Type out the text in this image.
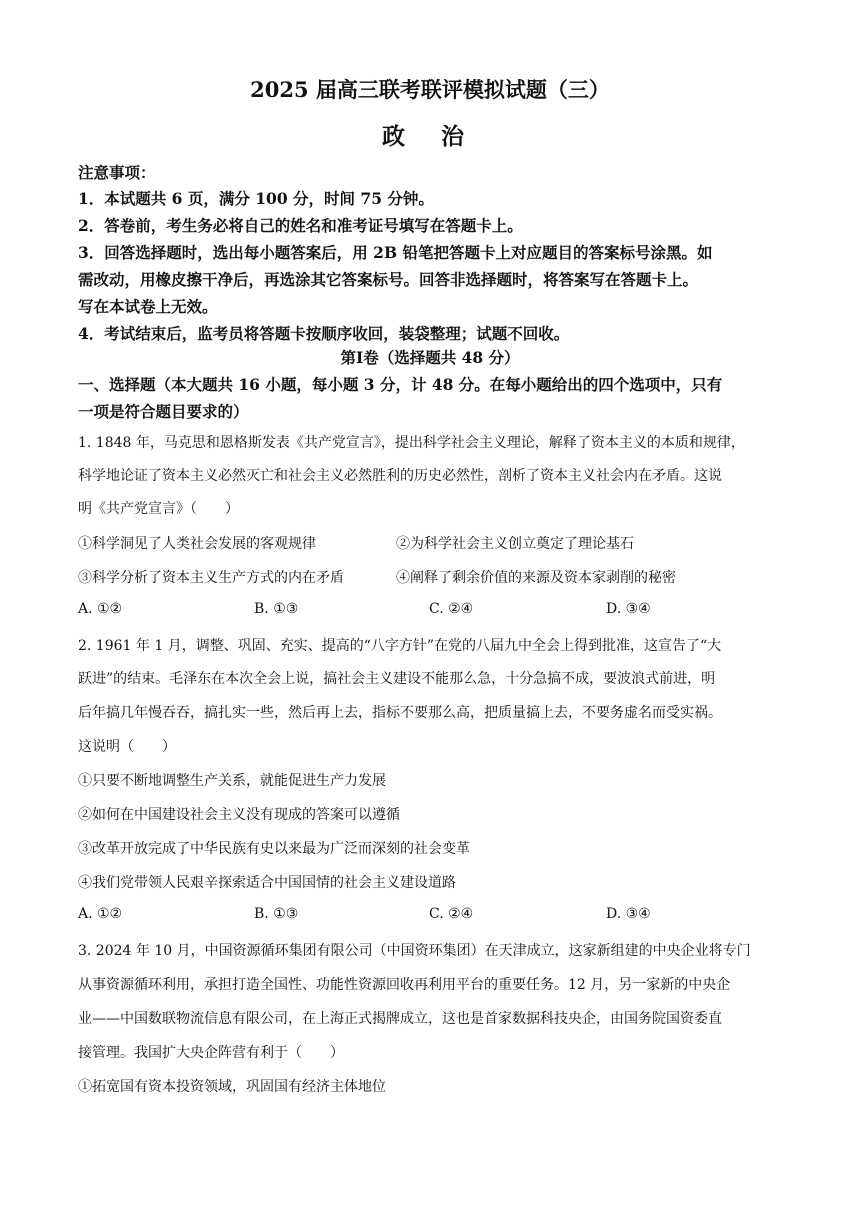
2025 届高三联考联评模拟试题（三）
政 治
注意事项：
1．本试题共 6 页，满分 100 分，时间 75 分钟。
2．答卷前，考生务必将自己的姓名和准考证号填写在答题卡上。
3．回答选择题时，选出每小题答案后，用 2B 铅笔把答题卡上对应题目的答案标号涂黑。如
需改动，用橡皮擦干净后，再选涂其它答案标号。回答非选择题时，将答案写在答题卡上。
写在本试卷上无效。
4．考试结束后，监考员将答题卡按顺序收回，装袋整理；试题不回收。
第Ⅰ卷（选择题共 48 分）
一、选择题（本大题共 16 小题，每小题 3 分，计 48 分。在每小题给出的四个选项中，只有
一项是符合题目要求的）
1. 1848 年，马克思和恩格斯发表《共产党宣言》，提出科学社会主义理论，解释了资本主义的本质和规律，
科学地论证了资本主义必然灭亡和社会主义必然胜利的历史必然性，剖析了资本主义社会内在矛盾。这说
明《共产党宣言》（　　）
①科学洞见了人类社会发展的客观规律	②为科学社会主义创立奠定了理论基石
③科学分析了资本主义生产方式的内在矛盾	④阐释了剩余价值的来源及资本家剥削的秘密
A. ①②	B. ①③	C. ②④	D. ③④
2. 1961 年 1 月，调整、巩固、充实、提高的“八字方针”在党的八届九中全会上得到批准，这宣告了“大
跃进”的结束。毛泽东在本次全会上说，搞社会主义建设不能那么急，十分急搞不成，要波浪式前进，明
后年搞几年慢吞吞，搞扎实一些，然后再上去，指标不要那么高，把质量搞上去，不要务虚名而受实祸。
这说明（　　）
①只要不断地调整生产关系，就能促进生产力发展
②如何在中国建设社会主义没有现成的答案可以遵循
③改革开放完成了中华民族有史以来最为广泛而深刻的社会变革
④我们党带领人民艰辛探索适合中国国情的社会主义建设道路
A. ①②	B. ①③	C. ②④	D. ③④
3. 2024 年 10 月，中国资源循环集团有限公司（中国资环集团）在天津成立，这家新组建的中央企业将专门
从事资源循环利用，承担打造全国性、功能性资源回收再利用平台的重要任务。12 月，另一家新的中央企
业——中国数联物流信息有限公司，在上海正式揭牌成立，这也是首家数据科技央企，由国务院国资委直
接管理。我国扩大央企阵营有利于（　　）
①拓宽国有资本投资领域，巩固国有经济主体地位
